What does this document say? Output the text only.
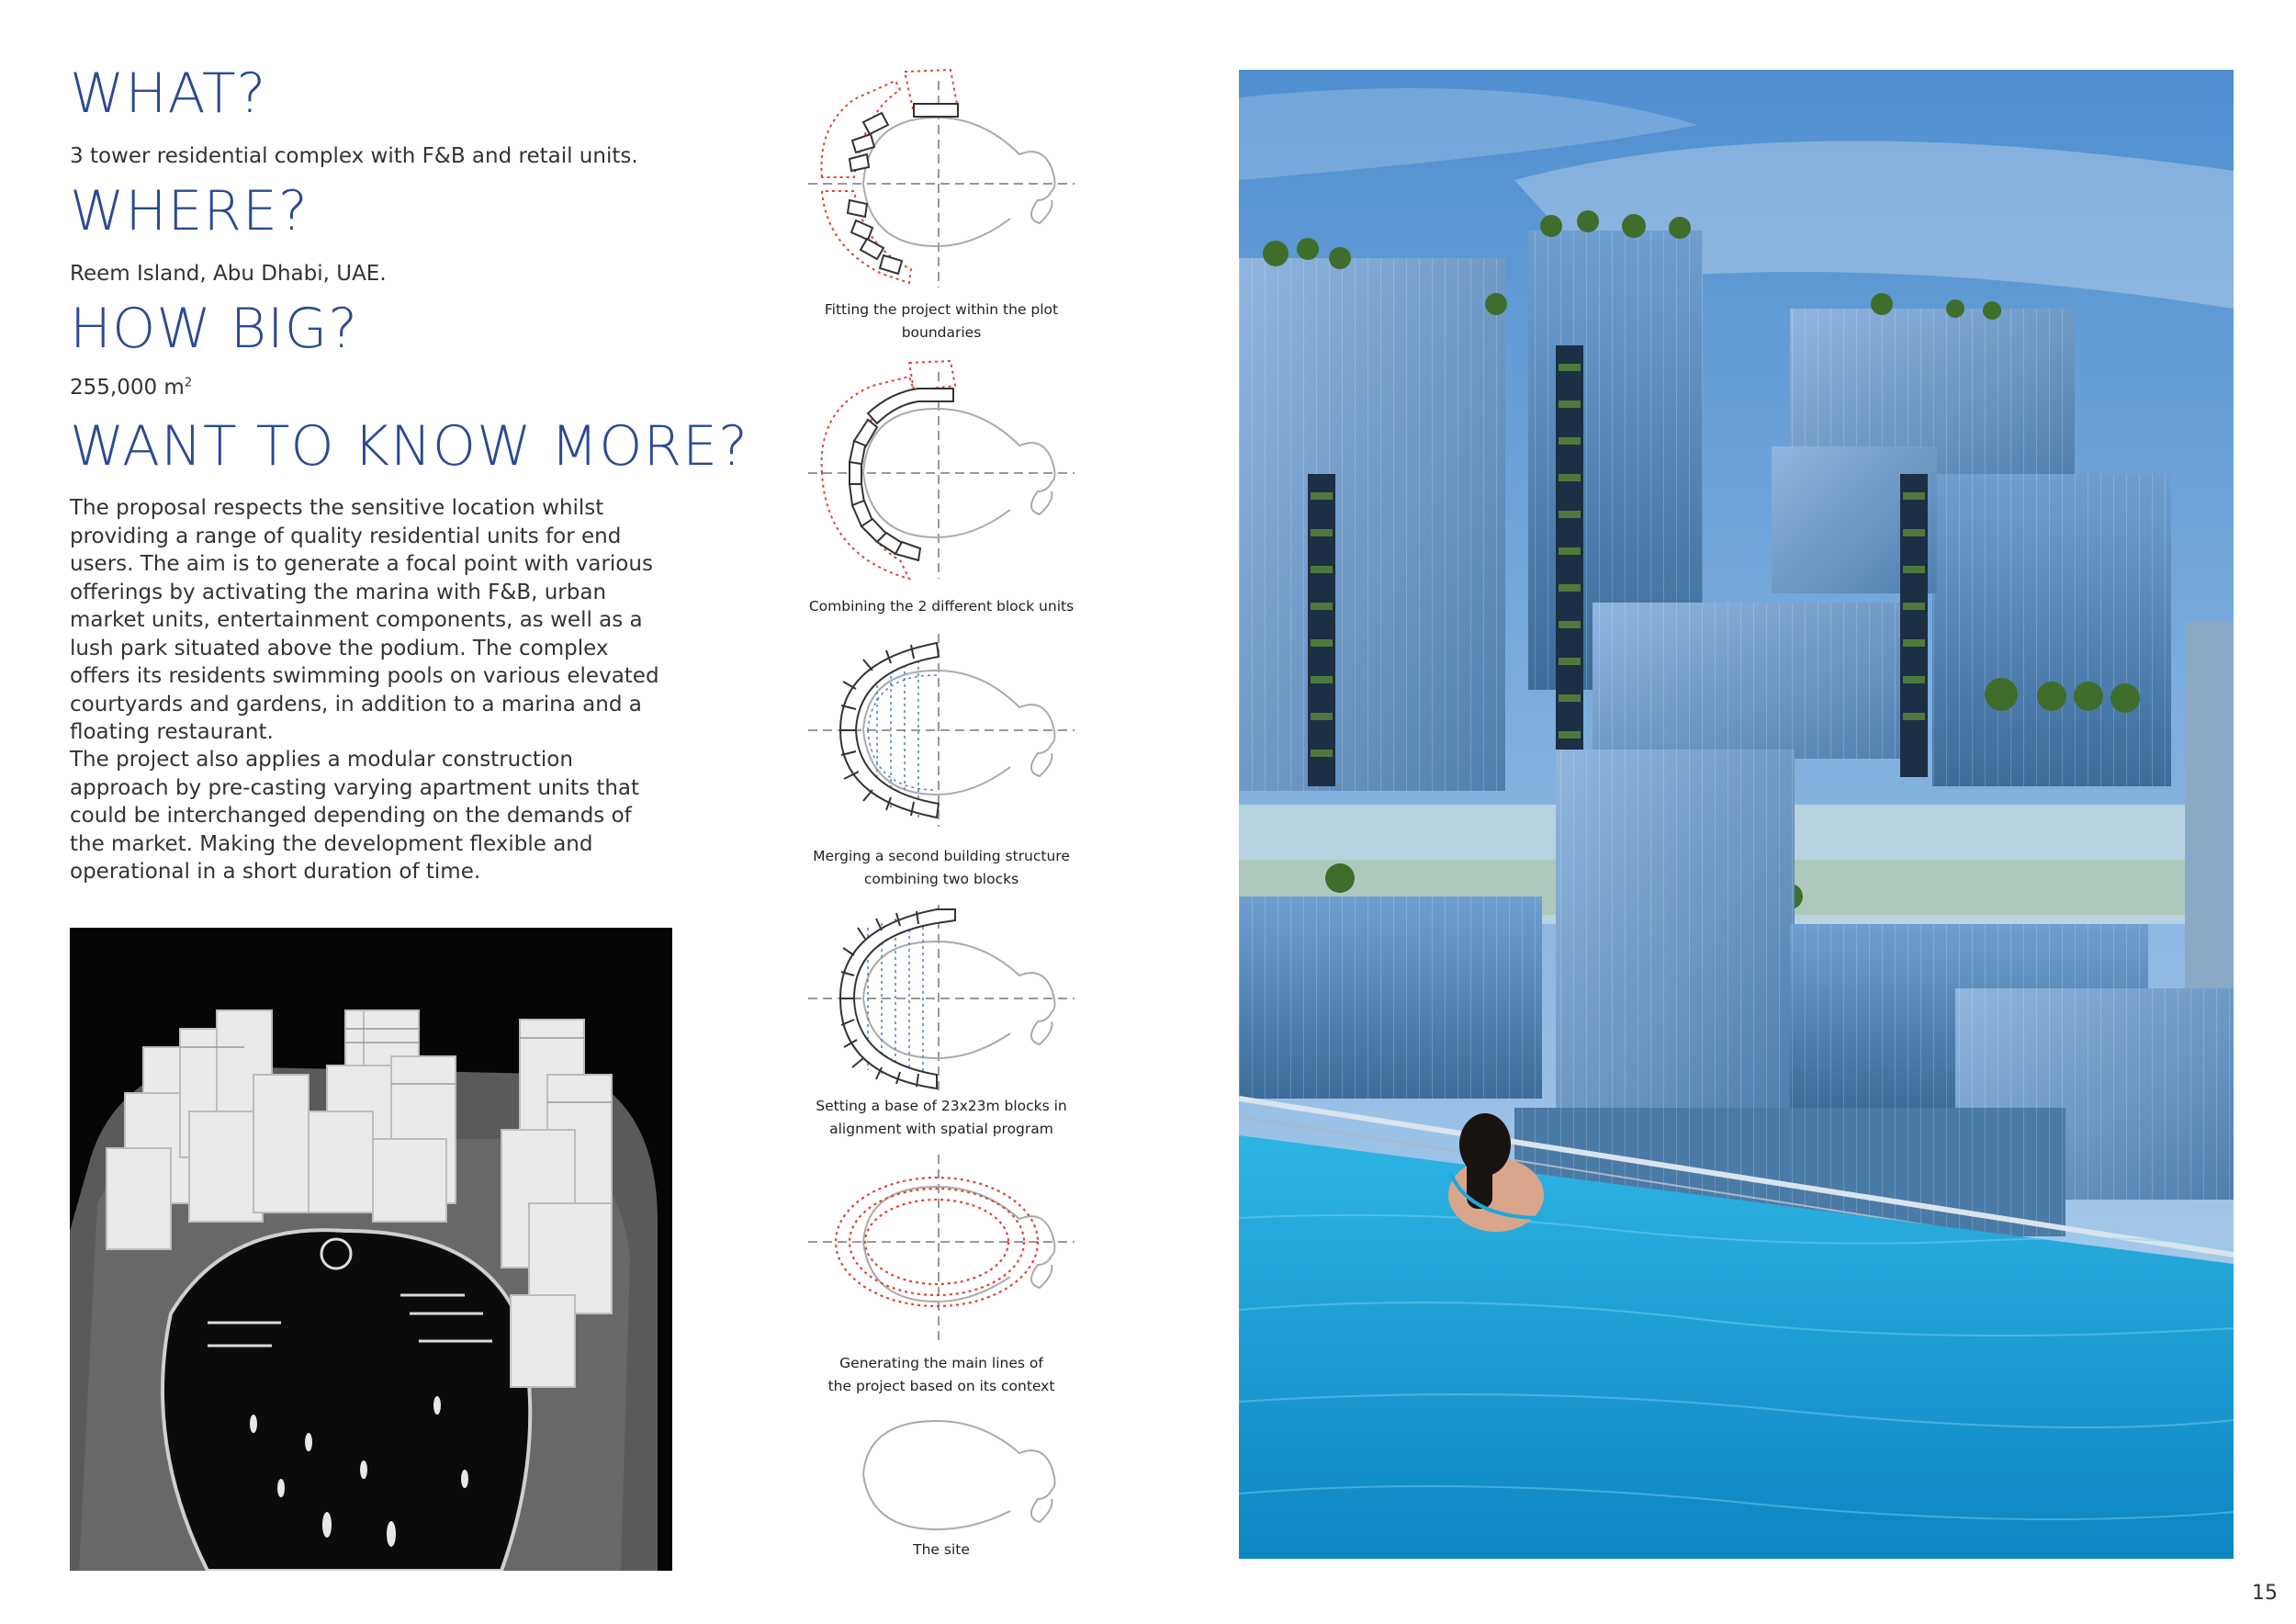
WHAT?

3 tower residential complex with F&B and retail units.

WHERE?

Reem Island, Abu Dhabi, UAE.

HOW BIG?

255,000 $m^2$

WANT TO KNOW MORE?

The proposal respects the sensitive location whilst providing a range of quality residential units for end users. The aim is to generate a focal point with various offerings by activating the marina with F&B, urban market units, entertainment components, as well as a lush park situated above the podium. The complex offers its residents swimming pools on various elevated courtyards and gardens, in addition to a marina and a floating restaurant.

The project also applies a modular construction approach by pre-casting varying apartment units that could be interchanged depending on the demands of the market. Making the development flexible and operational in a short duration of time.

Fitting the project within the plot
boundaries
Combining the 2 different block units
Merging a second building structure
combining two blocks
Setting a base of 23x23m blocks in
alignment with spatial program
Generating the main lines of
the project based on its context
The site
15
